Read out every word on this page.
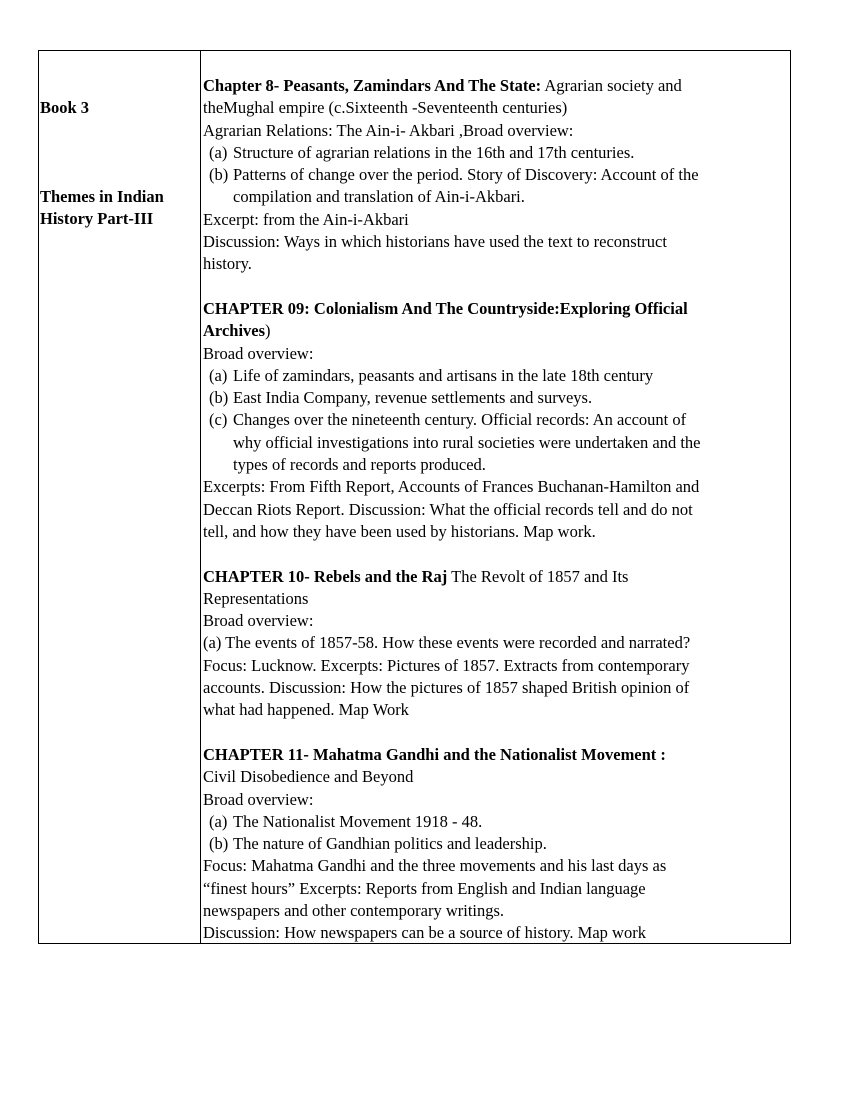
Book 3
Themes in Indian
History Part-III
Chapter 8- Peasants, Zamindars And The State: Agrarian society and
theMughal empire (c.Sixteenth -Seventeenth centuries)
Agrarian Relations: The Ain-i- Akbari ,Broad overview:
(a) Structure of agrarian relations in the 16th and 17th centuries.
(b) Patterns of change over the period. Story of Discovery: Account of the
compilation and translation of Ain-i-Akbari.
Excerpt: from the Ain-i-Akbari
Discussion: Ways in which historians have used the text to reconstruct
history.
CHAPTER 09: Colonialism And The Countryside:Exploring Official
Archives)
Broad overview:
(a) Life of zamindars, peasants and artisans in the late 18th century
(b) East India Company, revenue settlements and surveys.
(c) Changes over the nineteenth century. Official records: An account of
why official investigations into rural societies were undertaken and the
types of records and reports produced.
Excerpts: From Fifth Report, Accounts of Frances Buchanan-Hamilton and
Deccan Riots Report. Discussion: What the official records tell and do not
tell, and how they have been used by historians. Map work.
CHAPTER 10- Rebels and the Raj The Revolt of 1857 and Its
Representations
Broad overview:
(a) The events of 1857-58. How these events were recorded and narrated?
Focus: Lucknow. Excerpts: Pictures of 1857. Extracts from contemporary
accounts. Discussion: How the pictures of 1857 shaped British opinion of
what had happened. Map Work
CHAPTER 11- Mahatma Gandhi and the Nationalist Movement :
Civil Disobedience and Beyond
Broad overview:
(a) The Nationalist Movement 1918 - 48.
(b) The nature of Gandhian politics and leadership.
Focus: Mahatma Gandhi and the three movements and his last days as
“finest hours” Excerpts: Reports from English and Indian language
newspapers and other contemporary writings.
Discussion: How newspapers can be a source of history. Map work
